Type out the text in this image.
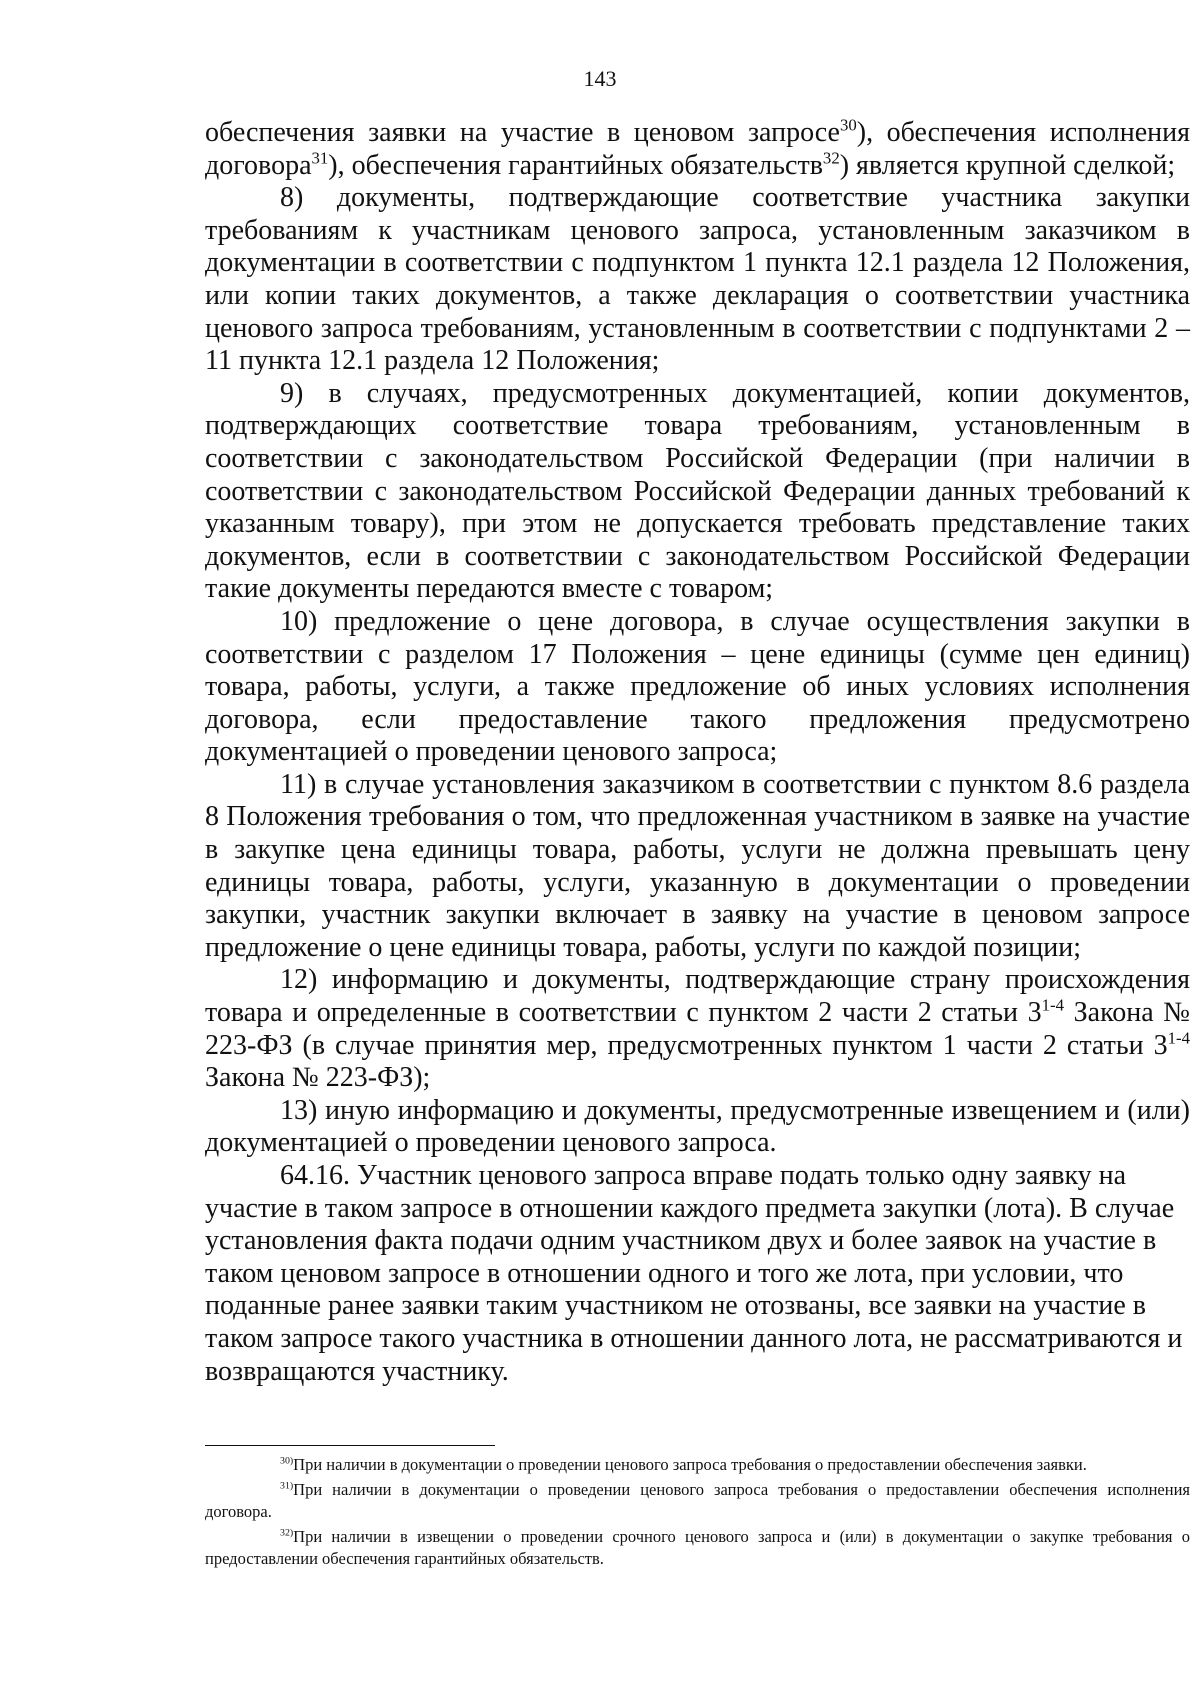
143

обеспечения заявки на участие в ценовом запросе$^{30}$), обеспечения исполнения договора$^{31}$), обеспечения гарантийных обязательств$^{32}$) является крупной сделкой;

8) документы, подтверждающие соответствие участника закупки требованиям к участникам ценового запроса, установленным заказчиком в документации в соответствии с подпунктом 1 пункта 12.1 раздела 12 Положения, или копии таких документов, а также декларация о соответствии участника ценового запроса требованиям, установленным в соответствии с подпунктами 2 – 11 пункта 12.1 раздела 12 Положения;

9) в случаях, предусмотренных документацией, копии документов, подтверждающих соответствие товара требованиям, установленным в соответствии с законодательством Российской Федерации (при наличии в соответствии с законодательством Российской Федерации данных требований к указанным товару), при этом не допускается требовать представление таких документов, если в соответствии с законодательством Российской Федерации такие документы передаются вместе с товаром;

10) предложение о цене договора, в случае осуществления закупки в соответствии с разделом 17 Положения – цене единицы (сумме цен единиц) товара, работы, услуги, а также предложение об иных условиях исполнения договора, если предоставление такого предложения предусмотрено документацией о проведении ценового запроса;

11) в случае установления заказчиком в соответствии с пунктом 8.6 раздела 8 Положения требования о том, что предложенная участником в заявке на участие в закупке цена единицы товара, работы, услуги не должна превышать цену единицы товара, работы, услуги, указанную в документации о проведении закупки, участник закупки включает в заявку на участие в ценовом запросе предложение о цене единицы товара, работы, услуги по каждой позиции;

12) информацию и документы, подтверждающие страну происхождения товара и определенные в соответствии с пунктом 2 части 2 статьи 3$^{1-4}$ Закона № 223-ФЗ (в случае принятия мер, предусмотренных пунктом 1 части 2 статьи 3$^{1-4}$ Закона № 223-ФЗ);

13) иную информацию и документы, предусмотренные извещением и (или) документацией о проведении ценового запроса.

64.16. Участник ценового запроса вправе подать только одну заявку на участие в таком запросе в отношении каждого предмета закупки (лота). В случае установления факта подачи одним участником двух и более заявок на участие в таком ценовом запросе в отношении одного и того же лота, при условии, что поданные ранее заявки таким участником не отозваны, все заявки на участие в таком запросе такого участника в отношении данного лота, не рассматриваются и возвращаются участнику.

$^{30)}$При наличии в документации о проведении ценового запроса требования о предоставлении обеспечения заявки.

$^{31)}$При наличии в документации о проведении ценового запроса требования о предоставлении обеспечения исполнения договора.

$^{32)}$При наличии в извещении о проведении срочного ценового запроса и (или) в документации о закупке требования о предоставлении обеспечения гарантийных обязательств.
